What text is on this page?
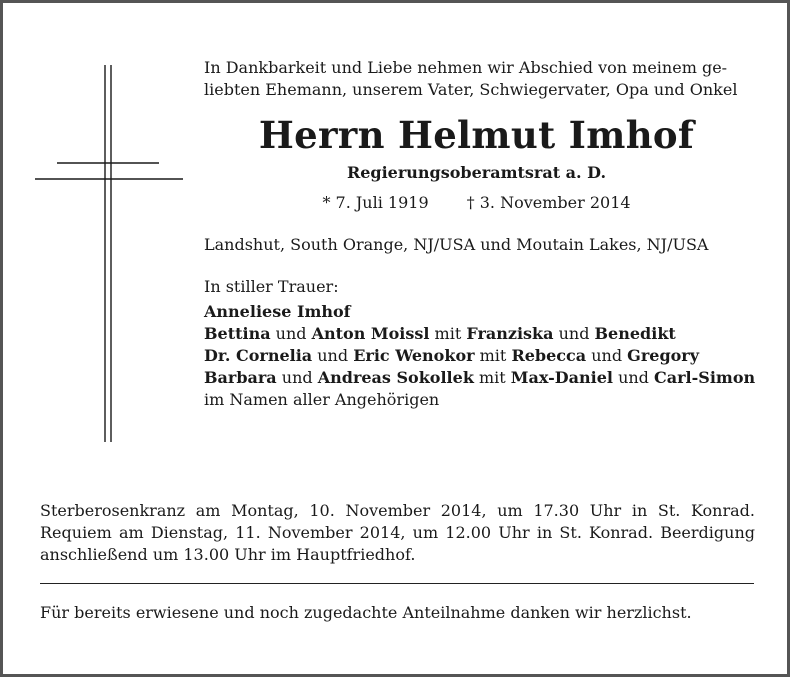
In Dankbarkeit und Liebe nehmen wir Abschied von meinem ge-
liebten Ehemann, unserem Vater, Schwiegervater, Opa und Onkel
Herrn Helmut Imhof
Regierungsoberamtsrat a. D.
* 7. Juli 1919 † 3. November 2014
Landshut, South Orange, NJ/USA und Moutain Lakes, NJ/USA
In stiller Trauer:
Anneliese Imhof
Bettina und Anton Moissl mit Franziska und Benedikt
Dr. Cornelia und Eric Wenokor mit Rebecca und Gregory
Barbara und Andreas Sokollek mit Max-Daniel und Carl-Simon
im Namen aller Angehörigen
Sterberosenkranz am Montag, 10. November 2014, um 17.30 Uhr in St. Konrad.
Requiem am Dienstag, 11. November 2014, um 12.00 Uhr in St. Konrad. Beerdigung
anschließend um 13.00 Uhr im Hauptfriedhof.
Für bereits erwiesene und noch zugedachte Anteilnahme danken wir herzlichst.
